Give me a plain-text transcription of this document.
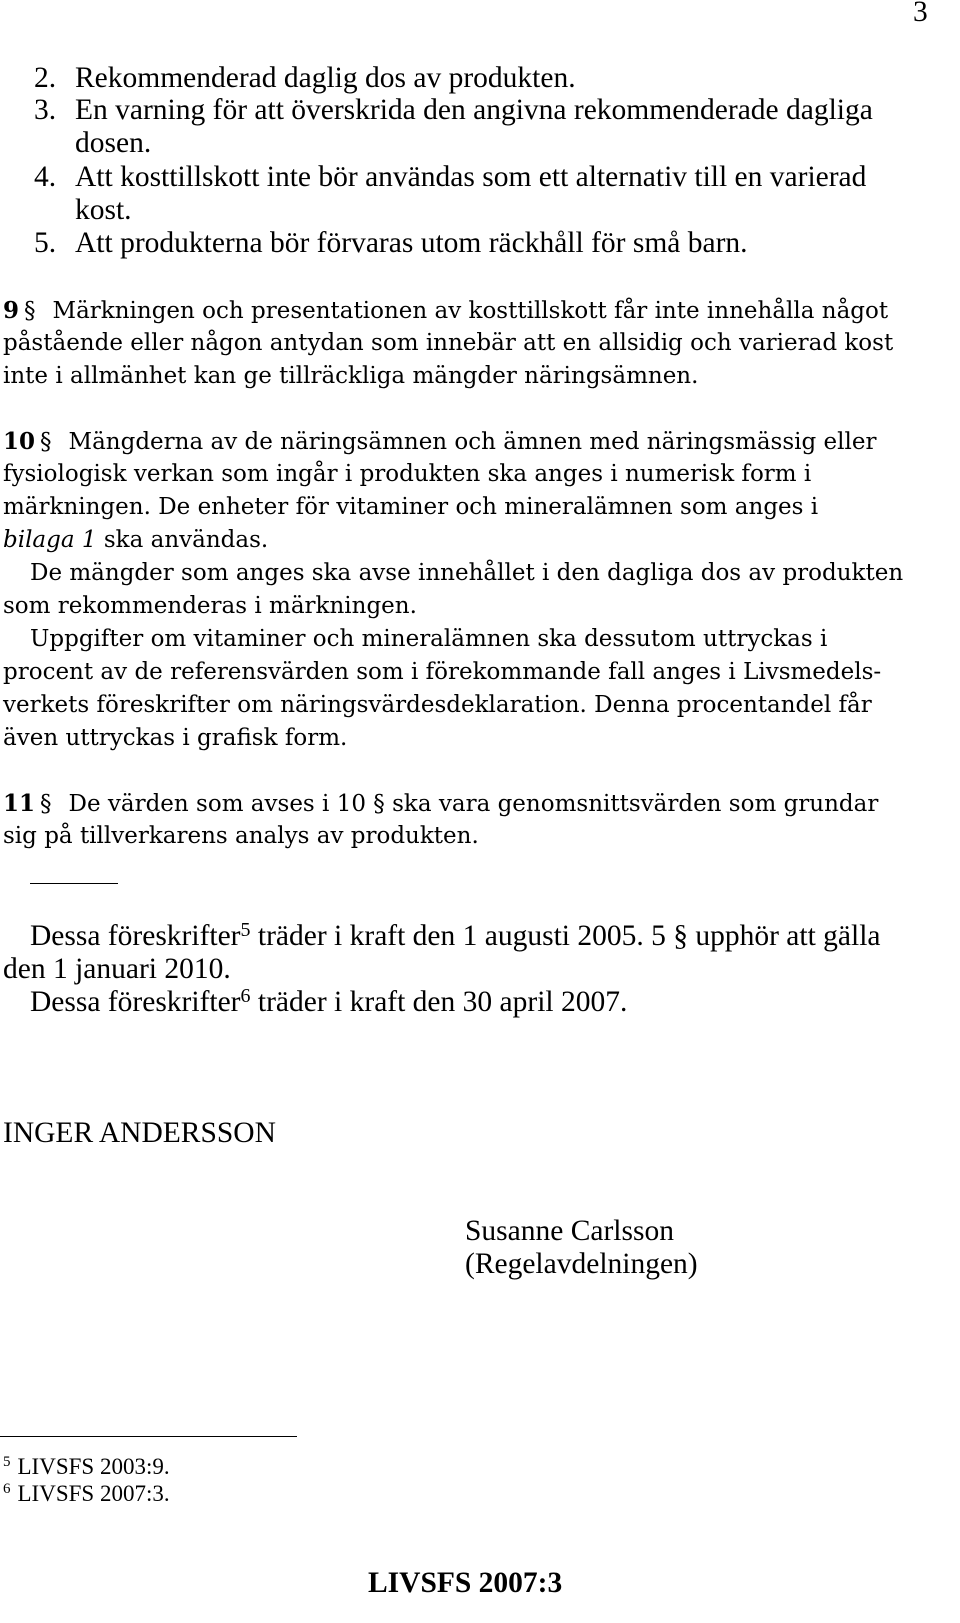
3
2. Rekommenderad daglig dos av produkten.
3. En varning för att överskrida den angivna rekommenderade dagliga
dosen.
4. Att kosttillskott inte bör användas som ett alternativ till en varierad
kost.
5. Att produkterna bör förvaras utom räckhåll för små barn.
9 § Märkningen och presentationen av kosttillskott får inte innehålla något
påstående eller någon antydan som innebär att en allsidig och varierad kost
inte i allmänhet kan ge tillräckliga mängder näringsämnen.
10 § Mängderna av de näringsämnen och ämnen med näringsmässig eller
fysiologisk verkan som ingår i produkten ska anges i numerisk form i
märkningen. De enheter för vitaminer och mineralämnen som anges i
bilaga 1 ska användas.
De mängder som anges ska avse innehållet i den dagliga dos av produkten
som rekommenderas i märkningen.
Uppgifter om vitaminer och mineralämnen ska dessutom uttryckas i
procent av de referensvärden som i förekommande fall anges i Livsmedels-
verkets föreskrifter om näringsvärdesdeklaration. Denna procentandel får
även uttryckas i grafisk form.
11 § De värden som avses i 10 § ska vara genomsnittsvärden som grundar
sig på tillverkarens analys av produkten.
Dessa föreskrifter$^5$ träder i kraft den 1 augusti 2005. 5 § upphör att gälla
den 1 januari 2010.
Dessa föreskrifter$^6$ träder i kraft den 30 april 2007.
INGER ANDERSSON
Susanne Carlsson
(Regelavdelningen)
$^5$ LIVSFS 2003:9.
$^6$ LIVSFS 2007:3.
LIVSFS 2007:3
